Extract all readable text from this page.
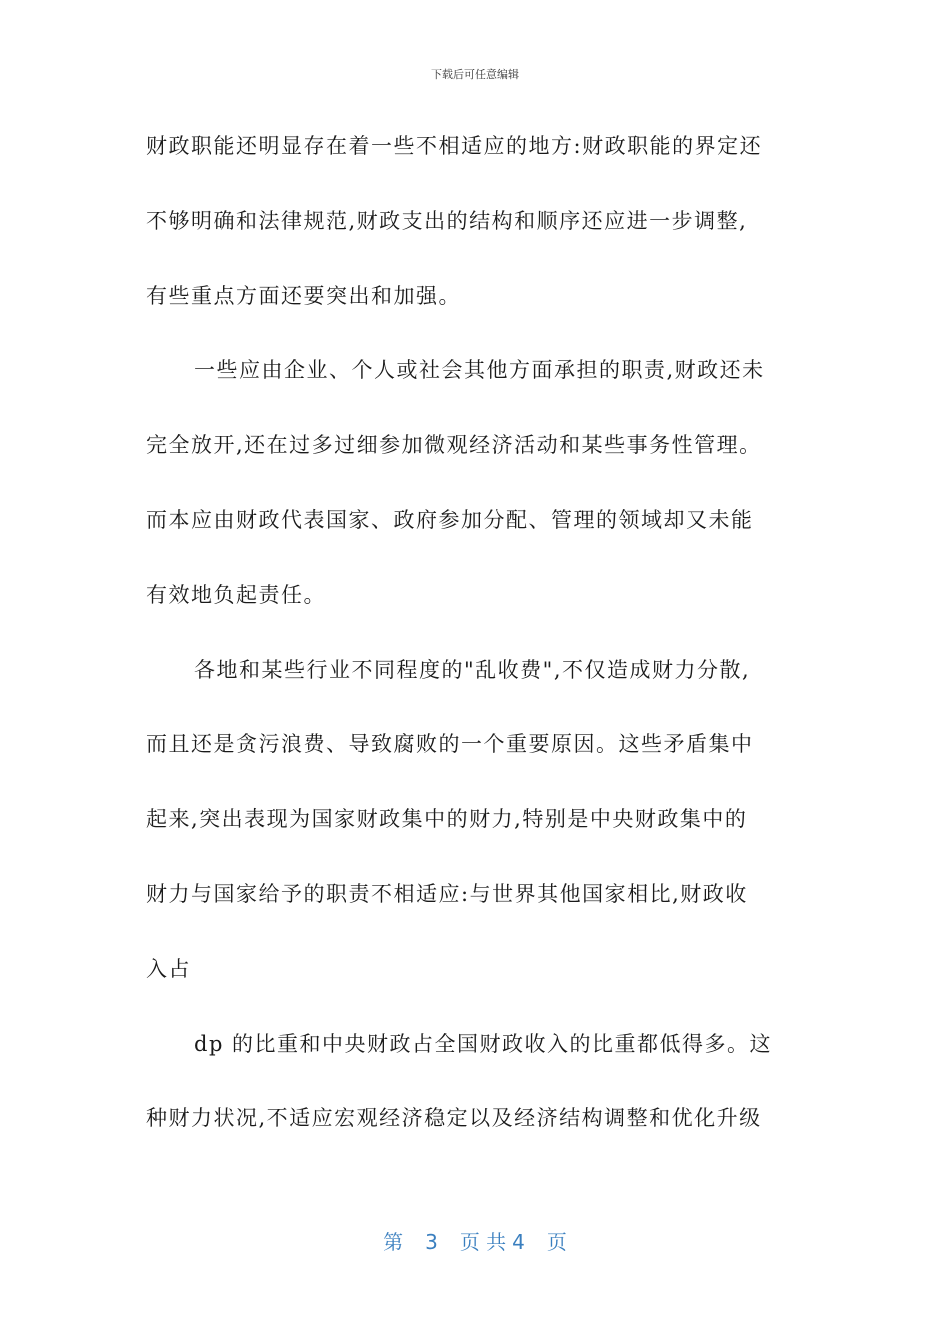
下载后可任意编辑
财政职能还明显存在着一些不相适应的地方:财政职能的界定还
不够明确和法律规范,财政支出的结构和顺序还应进一步调整,
有些重点方面还要突出和加强。
一些应由企业、个人或社会其他方面承担的职责,财政还未
完全放开,还在过多过细参加微观经济活动和某些事务性管理。
而本应由财政代表国家、政府参加分配、管理的领域却又未能
有效地负起责任。
各地和某些行业不同程度的"乱收费",不仅造成财力分散,
而且还是贪污浪费、导致腐败的一个重要原因。这些矛盾集中
起来,突出表现为国家财政集中的财力,特别是中央财政集中的
财力与国家给予的职责不相适应:与世界其他国家相比,财政收
入占
dp 的比重和中央财政占全国财政收入的比重都低得多。这
种财力状况,不适应宏观经济稳定以及经济结构调整和优化升级
第 3 页 共 4 页
